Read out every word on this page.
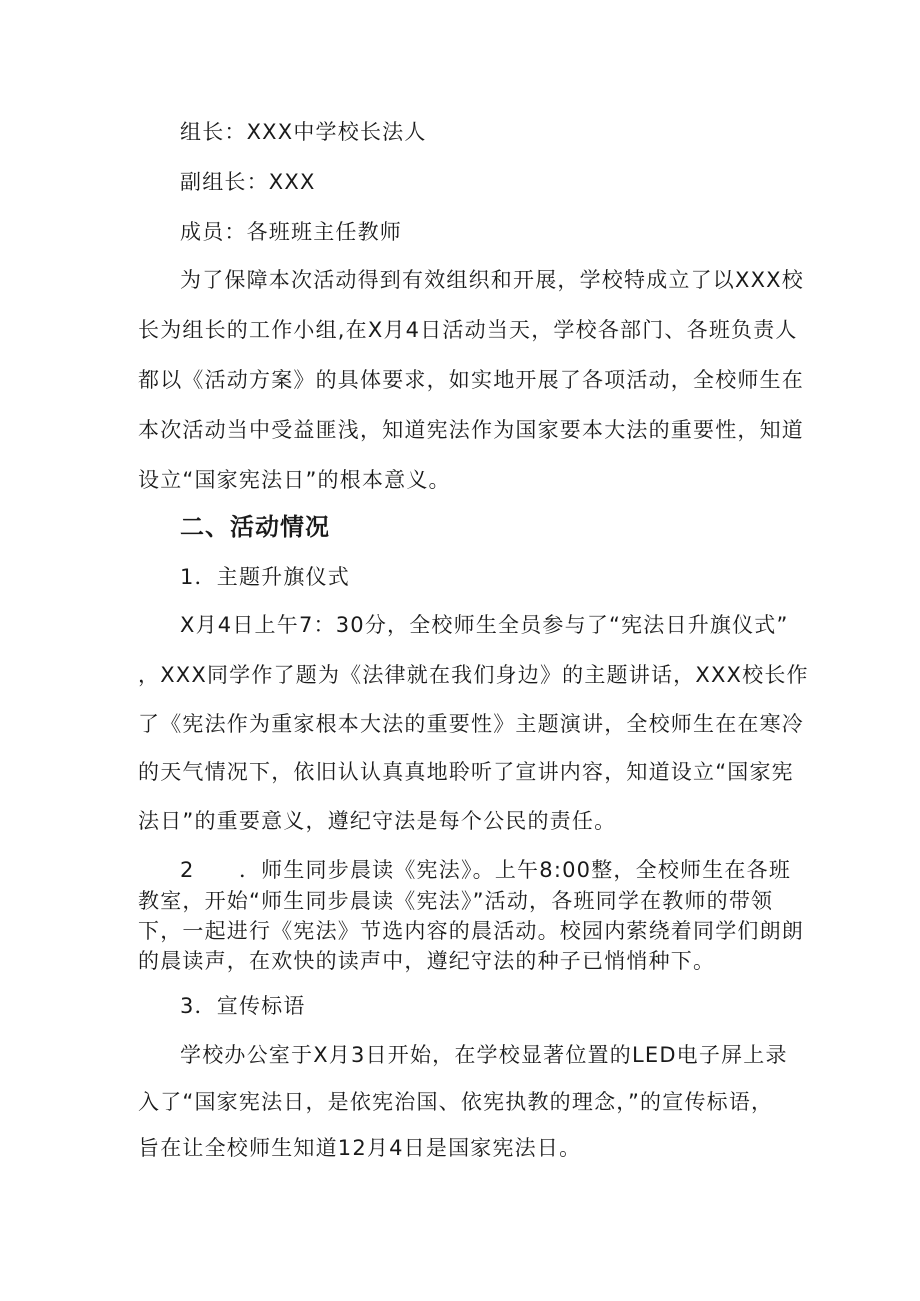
组长：XXX中学校长法人
副组长：XXX
成员：各班班主任教师
为了保障本次活动得到有效组织和开展，学校特成立了以XXX校
长为组长的工作小组,在X月4日活动当天，学校各部门、各班负责人
都以《活动方案》的具体要求，如实地开展了各项活动，全校师生在
本次活动当中受益匪浅，知道宪法作为国家要本大法的重要性，知道
设立“国家宪法日”的根本意义。
二、活动情况
1．主题升旗仪式
X月4日上午7：30分，全校师生全员参与了“宪法日升旗仪式”
，XXX同学作了题为《法律就在我们身边》的主题讲话，XXX校长作
了《宪法作为重家根本大法的重要性》主题演讲，全校师生在在寒冷
的天气情况下，依旧认认真真地聆听了宣讲内容，知道设立“国家宪
法日”的重要意义，遵纪守法是每个公民的责任。
2　　．师生同步晨读《宪法》。上午8:00整，全校师生在各班
教室，开始“师生同步晨读《宪法》”活动，各班同学在教师的带领
下，一起进行《宪法》节选内容的晨活动。校园内萦绕着同学们朗朗
的晨读声，在欢快的读声中，遵纪守法的种子已悄悄种下。
3．宣传标语
学校办公室于X月3日开始，在学校显著位置的LED电子屏上录
入了“国家宪法日，是依宪治国、依宪执教的理念，”的宣传标语，
旨在让全校师生知道12月4日是国家宪法日。
